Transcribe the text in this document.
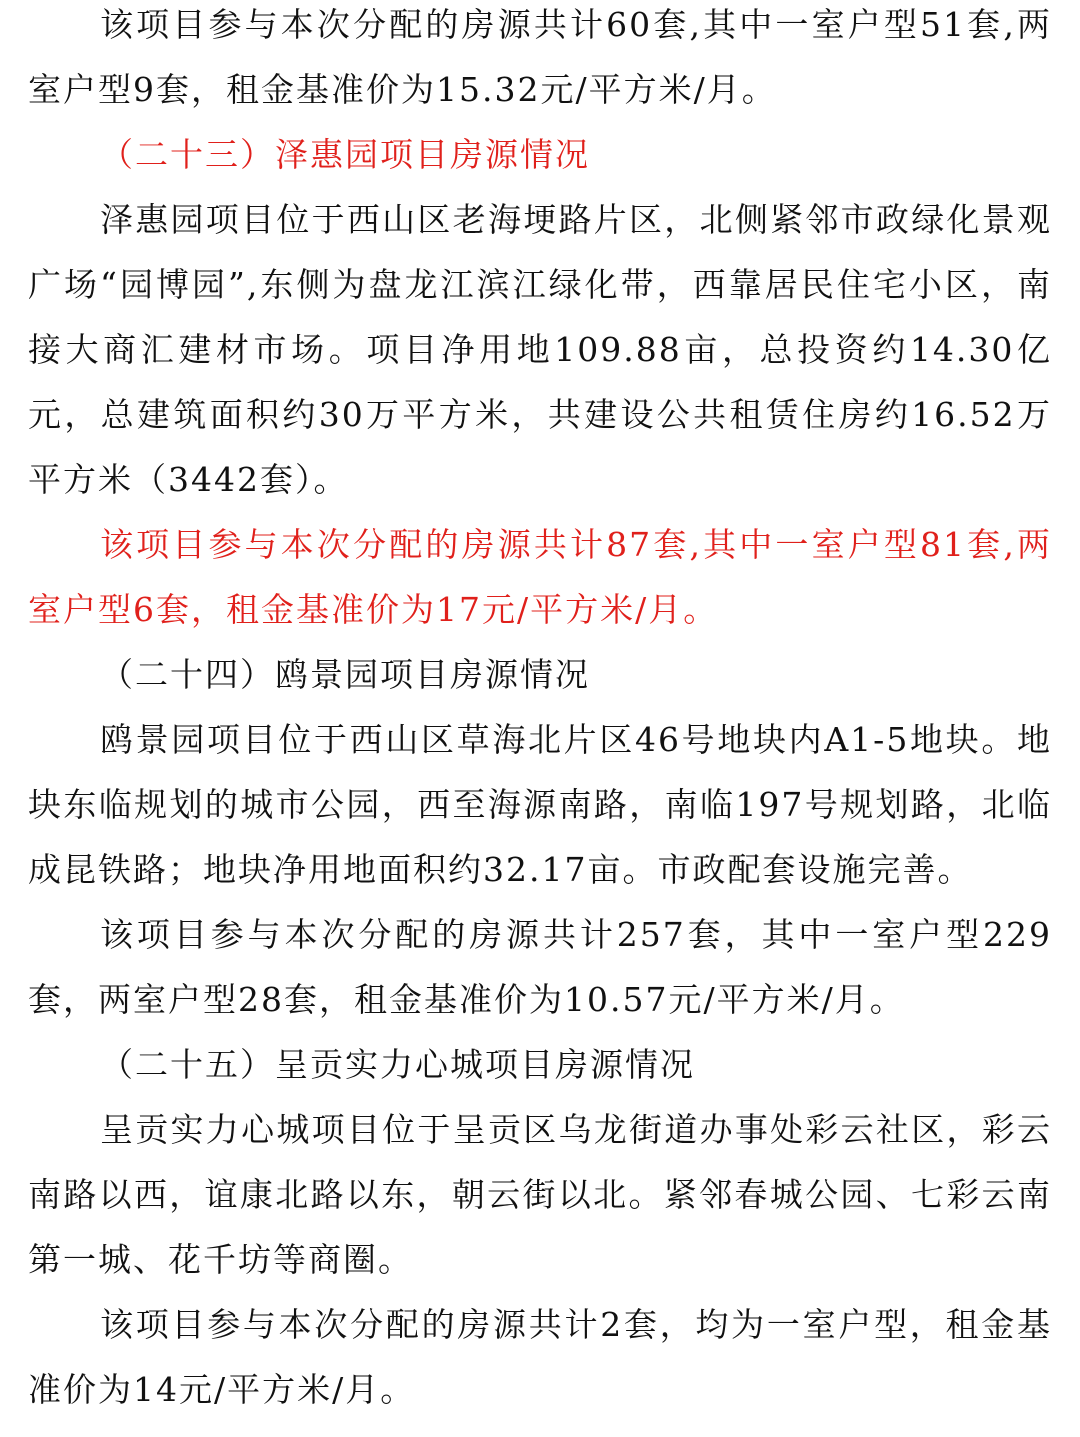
该项目参与本次分配的房源共计60套,其中一室户型51套,两室户型9套，租金基准价为15.32元/平方米/月。

（二十三）泽惠园项目房源情况

泽惠园项目位于西山区老海埂路片区，北侧紧邻市政绿化景观广场“园博园”,东侧为盘龙江滨江绿化带，西靠居民住宅小区，南接大商汇建材市场。项目净用地109.88亩，总投资约14.30亿元，总建筑面积约30万平方米，共建设公共租赁住房约16.52万平方米（3442套）。

该项目参与本次分配的房源共计87套,其中一室户型81套,两室户型6套，租金基准价为17元/平方米/月。

（二十四）鸥景园项目房源情况

鸥景园项目位于西山区草海北片区46号地块内A1-5地块。地块东临规划的城市公园，西至海源南路，南临197号规划路，北临成昆铁路；地块净用地面积约32.17亩。市政配套设施完善。

该项目参与本次分配的房源共计257套，其中一室户型229套，两室户型28套，租金基准价为10.57元/平方米/月。

（二十五）呈贡实力心城项目房源情况

呈贡实力心城项目位于呈贡区乌龙街道办事处彩云社区，彩云南路以西，谊康北路以东，朝云街以北。紧邻春城公园、七彩云南第一城、花千坊等商圈。

该项目参与本次分配的房源共计2套，均为一室户型，租金基准价为14元/平方米/月。
